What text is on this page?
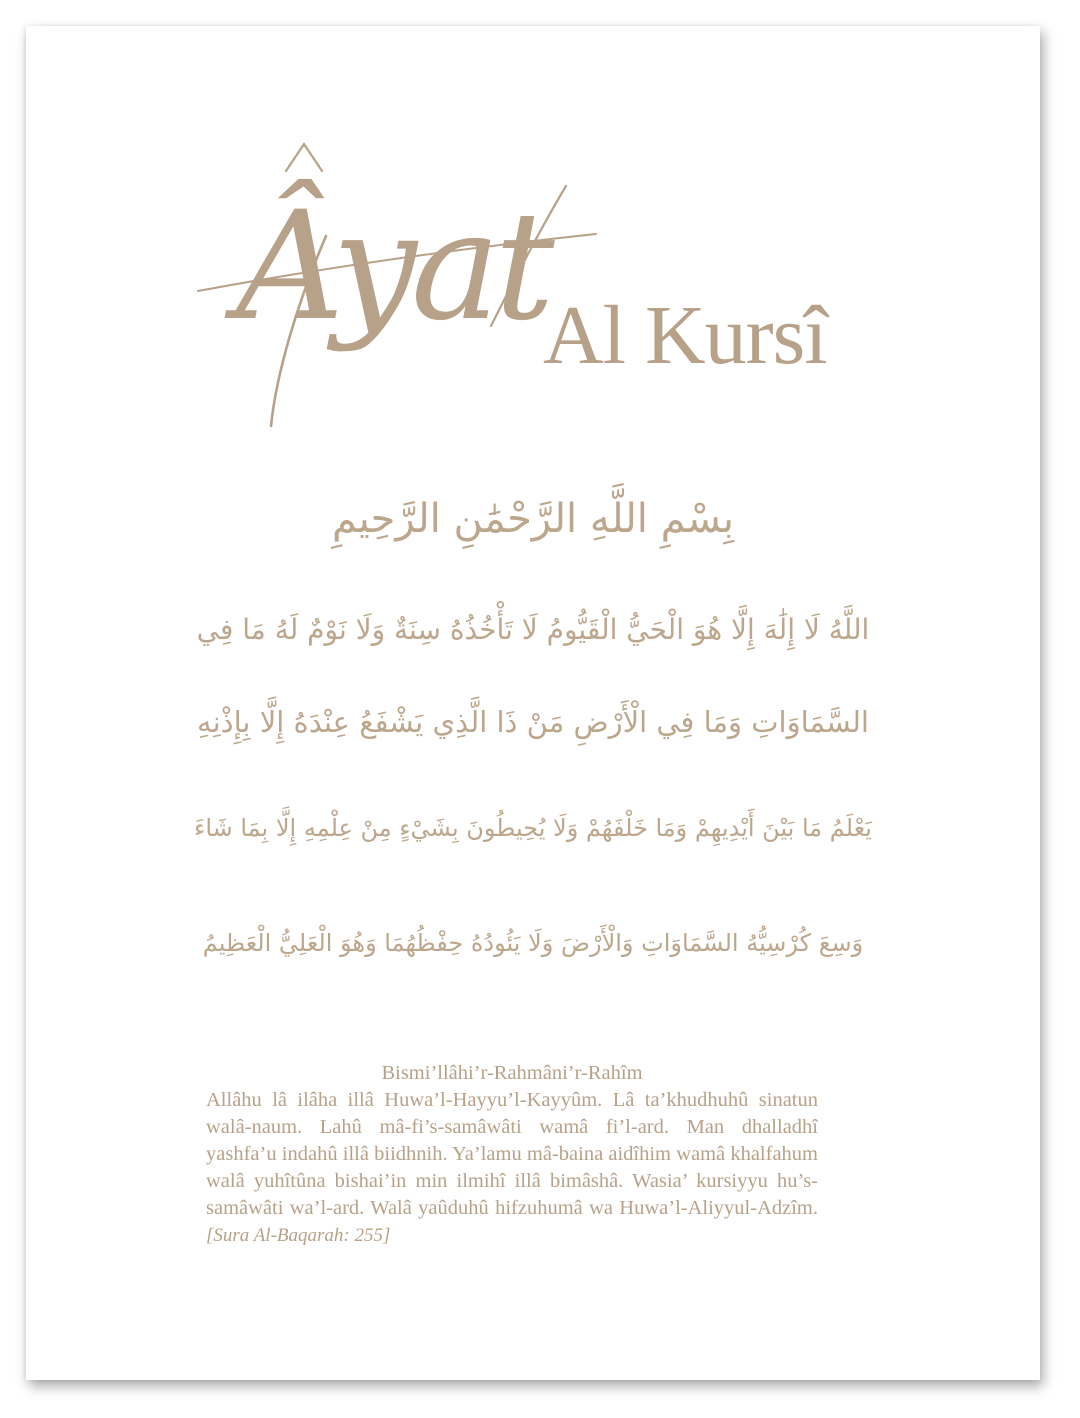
Âyat
Al Kursî
بِسْمِ اللَّهِ الرَّحْمَٰنِ الرَّحِيمِ
اللَّهُ لَا إِلَٰهَ إِلَّا هُوَ الْحَيُّ الْقَيُّومُ لَا تَأْخُذُهُ سِنَةٌ وَلَا نَوْمٌ لَهُ مَا فِي
السَّمَاوَاتِ وَمَا فِي الْأَرْضِ مَنْ ذَا الَّذِي يَشْفَعُ عِنْدَهُ إِلَّا بِإِذْنِهِ
يَعْلَمُ مَا بَيْنَ أَيْدِيهِمْ وَمَا خَلْفَهُمْ وَلَا يُحِيطُونَ بِشَيْءٍ مِنْ عِلْمِهِ إِلَّا بِمَا شَاءَ
وَسِعَ كُرْسِيُّهُ السَّمَاوَاتِ وَالْأَرْضَ وَلَا يَئُودُهُ حِفْظُهُمَا وَهُوَ الْعَلِيُّ الْعَظِيمُ
Bismi’llâhi’r-Rahmâni’r-Rahîm
Allâhu lâ ilâha illâ Huwa’l-Hayyu’l-Kayyûm. Lâ ta’khudhuhû sinatun walâ-naum. Lahû mâ-fi’s-samâwâti wamâ fi’l-ard. Man dhalladhî yashfa’u indahû illâ biidhnih. Ya’lamu mâ-baina aidîhim wamâ khalfahum walâ yuhîtûna bishai’in min ilmihî illâ bimâshâ. Wasia’ kursiyyu hu’s-samâwâti wa’l-ard. Walâ yaûduhû hifzuhumâ wa Huwa’l-Aliyyul-Adzîm. [Sura Al-Baqarah: 255]
